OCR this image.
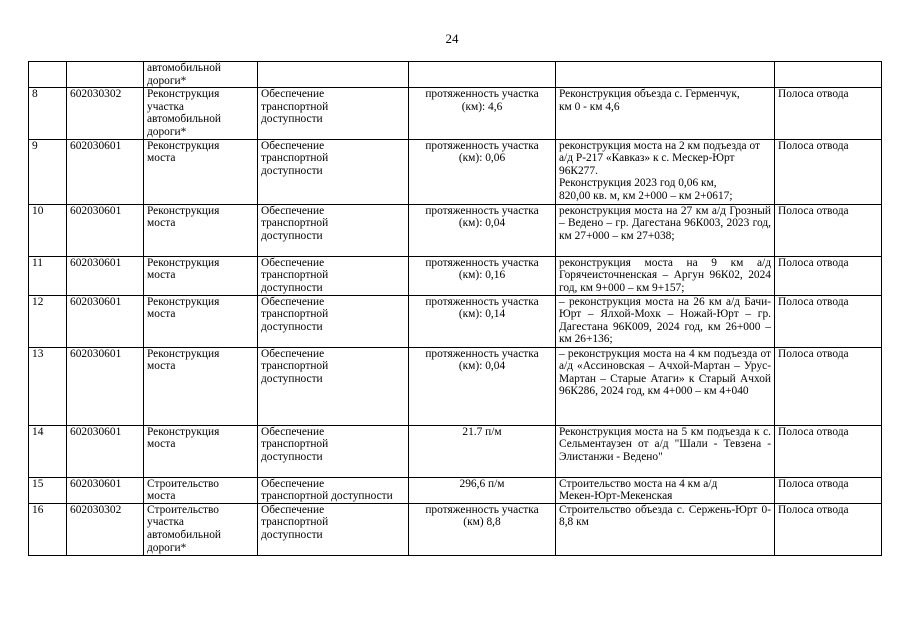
24
		автомобильной
дороги*				
8	602030302	Реконструкция
участка
автомобильной
дороги*	Обеспечение
транспортной
доступности	протяженность участка
(км): 4,6	Реконструкция объезда с. Герменчук,
км 0 - км 4,6	Полоса отвода
9	602030601	Реконструкция
моста	Обеспечение
транспортной
доступности	протяженность участка
(км): 0,06	реконструкция моста на 2 км подъезда от а/д Р-217 «Кавказ» к с. Мескер-Юрт 96К277.
Реконструкция 2023 год 0,06 км,
820,00 кв. м, км 2+000 – км 2+0617;	Полоса отвода
10	602030601	Реконструкция
моста	Обеспечение
транспортной
доступности	протяженность участка
(км): 0,04	реконструкция моста на 27 км а/д Грозный – Ведено – гр. Дагестана 96К003, 2023 год, км 27+000 – км 27+038;	Полоса отвода
11	602030601	Реконструкция
моста	Обеспечение
транспортной
доступности	протяженность участка
(км): 0,16	реконструкция моста на 9 км а/д Горячеисточненская – Аргун 96К02, 2024 год, км 9+000 – км 9+157;	Полоса отвода
12	602030601	Реконструкция
моста	Обеспечение
транспортной
доступности	протяженность участка
(км): 0,14	– реконструкция моста на 26 км а/д Бачи-Юрт – Ялхой-Мохк – Ножай-Юрт – гр. Дагестана 96К009, 2024 год, км 26+000 – км 26+136;	Полоса отвода
13	602030601	Реконструкция
моста	Обеспечение
транспортной
доступности	протяженность участка
(км): 0,04	– реконструкция моста на 4 км подъезда от а/д «Ассиновская – Ачхой-Мартан – Урус-Мартан – Старые Атаги» к Старый Ачхой 96К286, 2024 год, км 4+000 – км 4+040	Полоса отвода
14	602030601	Реконструкция
моста	Обеспечение
транспортной
доступности	21.7 п/м	Реконструкция моста на 5 км подъезда к с. Сельментаузен от а/д "Шали - Тевзена - Элистанжи - Ведено"	Полоса отвода
15	602030601	Строительство
моста	Обеспечение
транспортной доступности	296,6 п/м	Строительство моста на 4 км а/д
Мекен-Юрт-Мекенская	Полоса отвода
16	602030302	Строительство
участка
автомобильной
дороги*	Обеспечение
транспортной
доступности	протяженность участка
(км) 8,8	Строительство объезда с. Сержень-Юрт 0-8,8 км	Полоса отвода
